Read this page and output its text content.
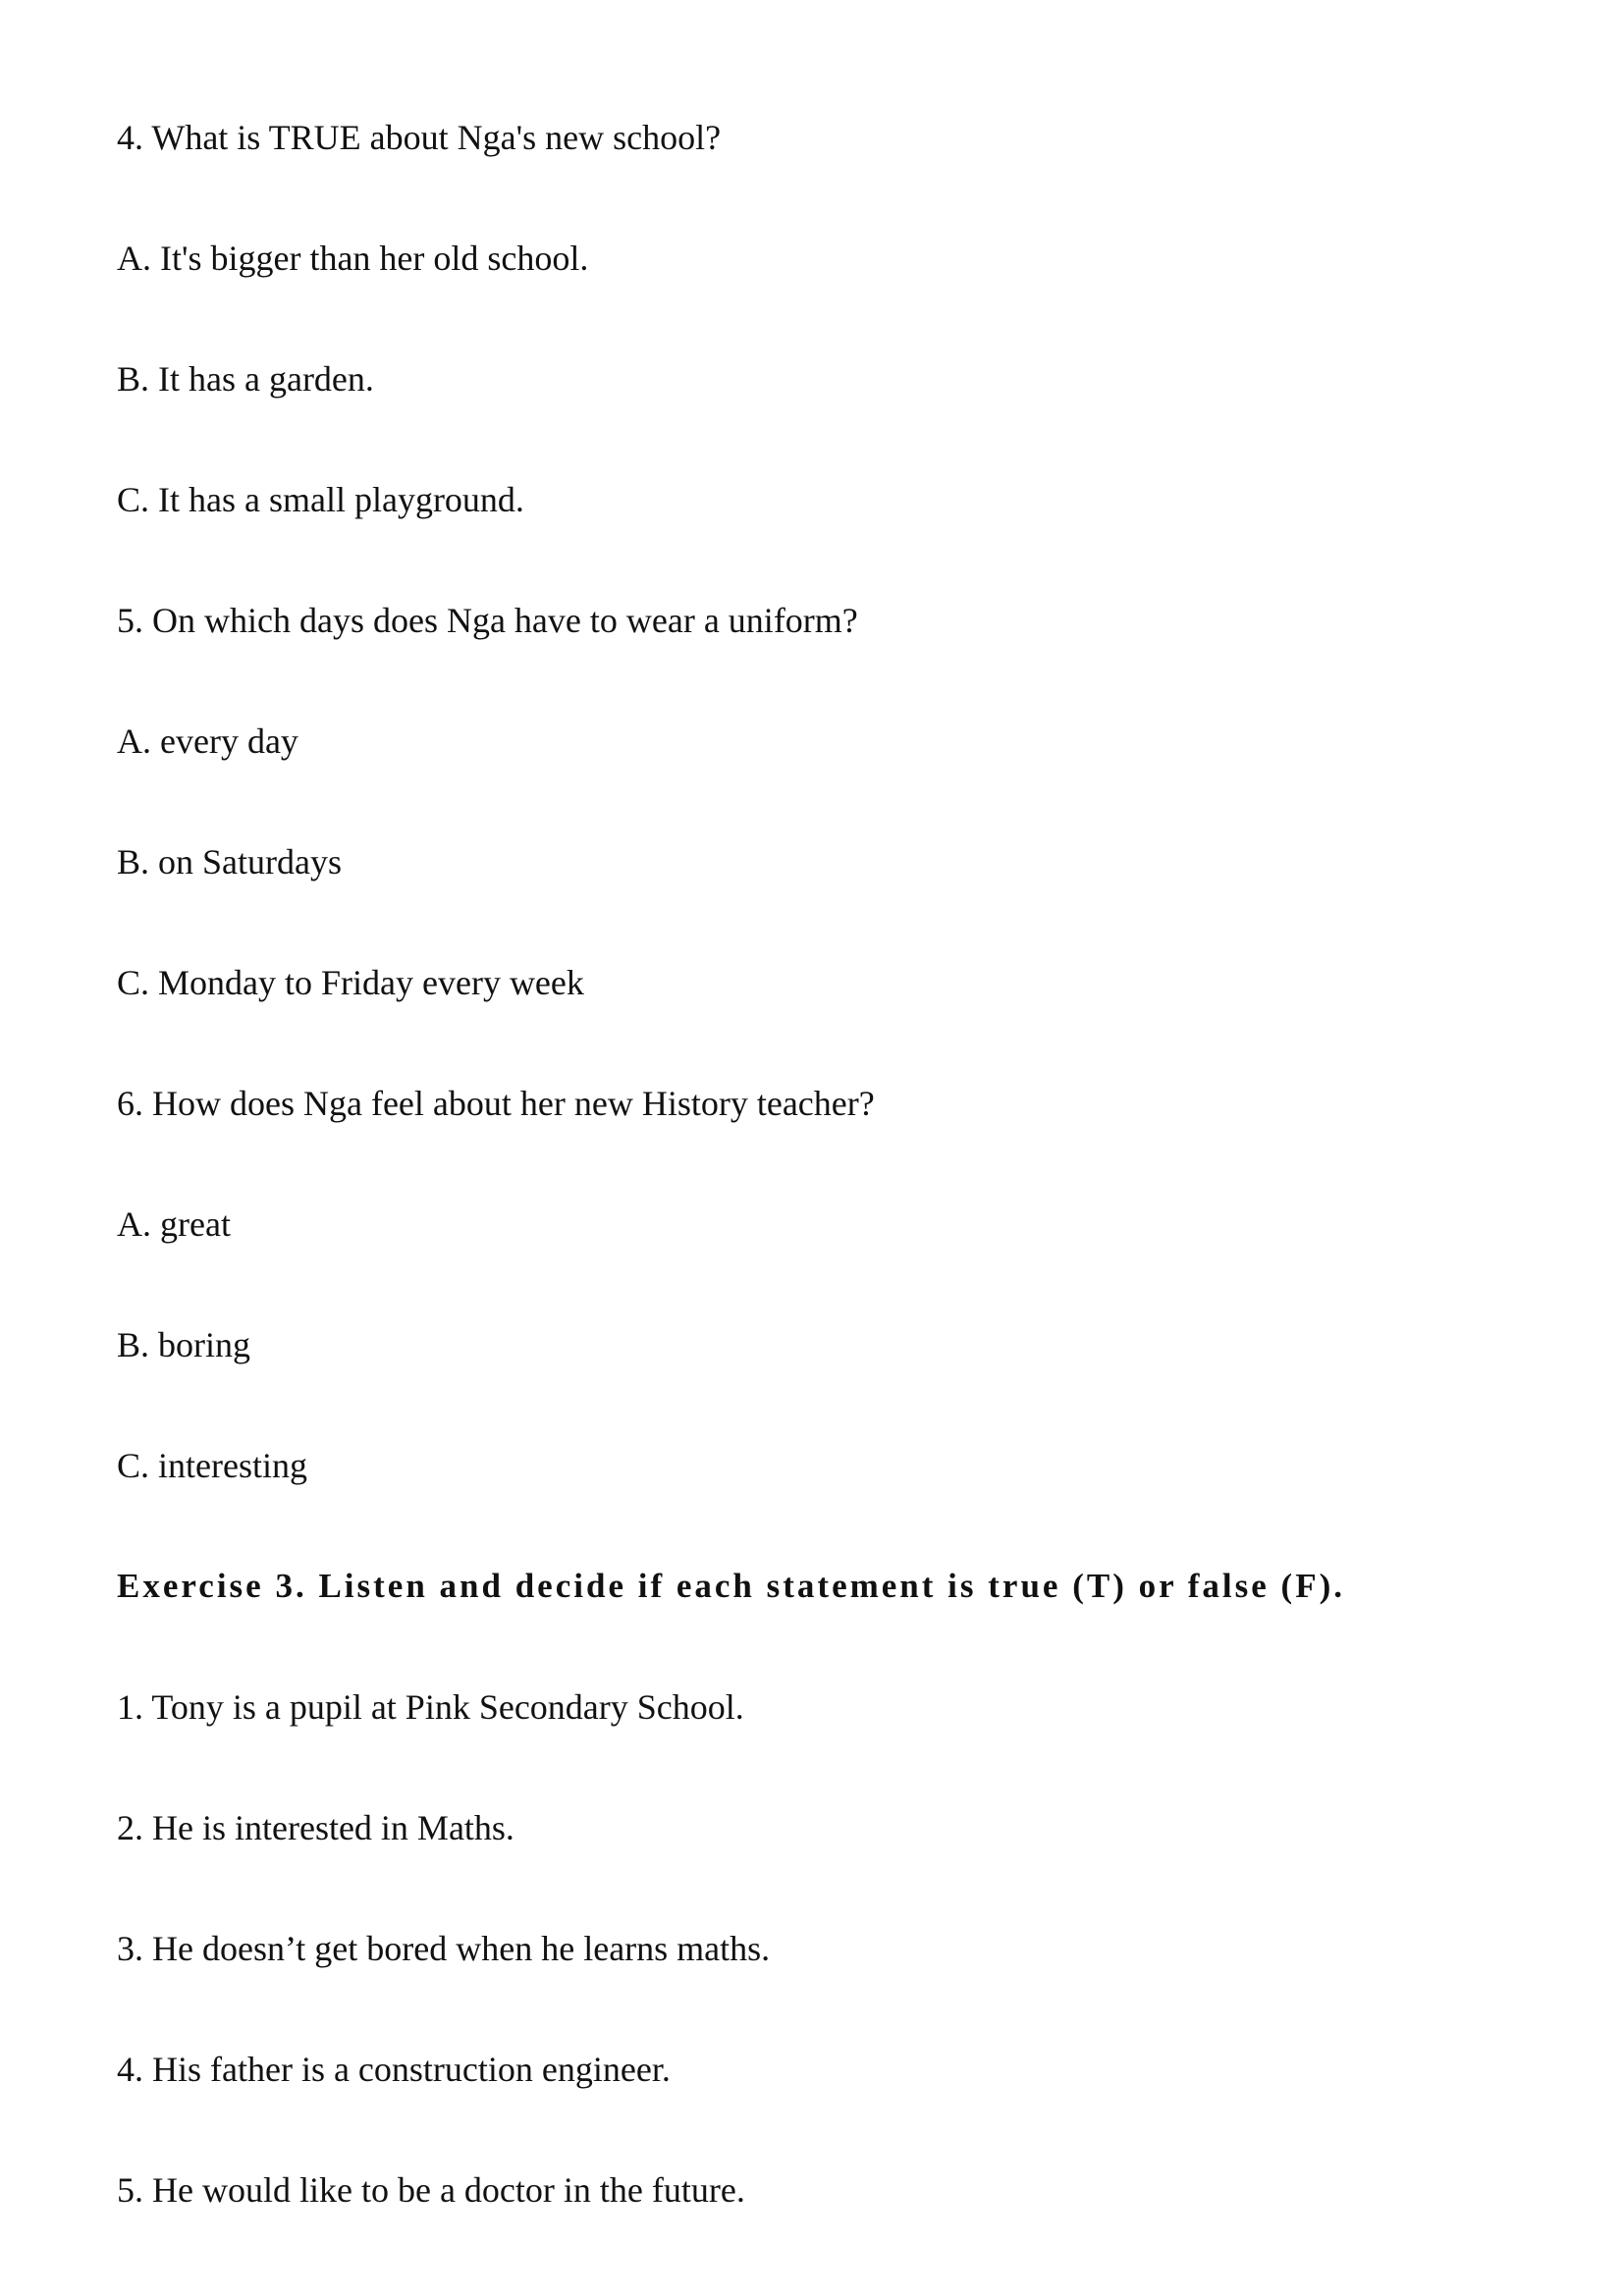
4. What is TRUE about Nga's new school?
A. It's bigger than her old school.
B. It has a garden.
C. It has a small playground.
5. On which days does Nga have to wear a uniform?
A. every day
B. on Saturdays
C. Monday to Friday every week
6. How does Nga feel about her new History teacher?
A. great
B. boring
C. interesting
Exercise 3. Listen and decide if each statement is true (T) or false (F).
1. Tony is a pupil at Pink Secondary School.
2. He is interested in Maths.
3. He doesn’t get bored when he learns maths.
4. His father is a construction engineer.
5. He would like to be a doctor in the future.
